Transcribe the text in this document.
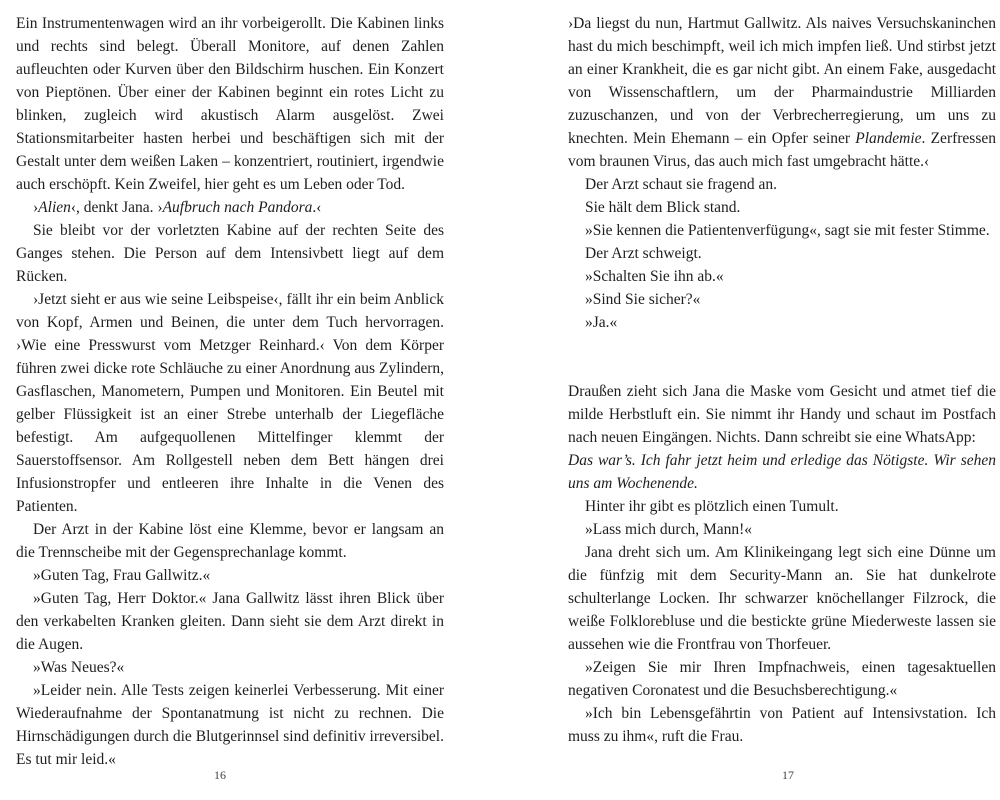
Ein Instrumentenwagen wird an ihr vorbeigerollt. Die Kabinen links und rechts sind belegt. Überall Monitore, auf denen Zahlen aufleuchten oder Kurven über den Bildschirm huschen. Ein Konzert von Pieptönen. Über einer der Kabinen beginnt ein rotes Licht zu blinken, zugleich wird akustisch Alarm ausgelöst. Zwei Stationsmitarbeiter hasten herbei und beschäftigen sich mit der Gestalt unter dem weißen Laken – konzentriert, routiniert, irgendwie auch erschöpft. Kein Zweifel, hier geht es um Leben oder Tod.

›Alien‹, denkt Jana. ›Aufbruch nach Pandora.‹

Sie bleibt vor der vorletzten Kabine auf der rechten Seite des Ganges stehen. Die Person auf dem Intensivbett liegt auf dem Rücken.

›Jetzt sieht er aus wie seine Leibspeise‹, fällt ihr ein beim Anblick von Kopf, Armen und Beinen, die unter dem Tuch hervorragen. ›Wie eine Presswurst vom Metzger Reinhard.‹ Von dem Körper führen zwei dicke rote Schläuche zu einer Anordnung aus Zylindern, Gasflaschen, Manometern, Pumpen und Monitoren. Ein Beutel mit gelber Flüssigkeit ist an einer Strebe unterhalb der Liegefläche befestigt. Am aufgequollenen Mittelfinger klemmt der Sauerstoffsensor. Am Rollgestell neben dem Bett hängen drei Infusionstropfer und entleeren ihre Inhalte in die Venen des Patienten.

Der Arzt in der Kabine löst eine Klemme, bevor er langsam an die Trennscheibe mit der Gegensprechanlage kommt.

»Guten Tag, Frau Gallwitz.«

»Guten Tag, Herr Doktor.« Jana Gallwitz lässt ihren Blick über den verkabelten Kranken gleiten. Dann sieht sie dem Arzt direkt in die Augen.

»Was Neues?«

»Leider nein. Alle Tests zeigen keinerlei Verbesserung. Mit einer Wiederaufnahme der Spontanatmung ist nicht zu rechnen. Die Hirnschädigungen durch die Blutgerinnsel sind definitiv irreversibel. Es tut mir leid.«

16

›Da liegst du nun, Hartmut Gallwitz. Als naives Versuchskaninchen hast du mich beschimpft, weil ich mich impfen ließ. Und stirbst jetzt an einer Krankheit, die es gar nicht gibt. An einem Fake, ausgedacht von Wissenschaftlern, um der Pharmaindustrie Milliarden zuzuschanzen, und von der Verbrecherregierung, um uns zu knechten. Mein Ehemann – ein Opfer seiner Plandemie. Zerfressen vom braunen Virus, das auch mich fast umgebracht hätte.‹

Der Arzt schaut sie fragend an.

Sie hält dem Blick stand.

»Sie kennen die Patientenverfügung«, sagt sie mit fester Stimme.

Der Arzt schweigt.

»Schalten Sie ihn ab.«

»Sind Sie sicher?«

»Ja.«

Draußen zieht sich Jana die Maske vom Gesicht und atmet tief die milde Herbstluft ein. Sie nimmt ihr Handy und schaut im Postfach nach neuen Eingängen. Nichts. Dann schreibt sie eine WhatsApp:

Das war’s. Ich fahr jetzt heim und erledige das Nötigste. Wir sehen uns am Wochenende.

Hinter ihr gibt es plötzlich einen Tumult.

»Lass mich durch, Mann!«

Jana dreht sich um. Am Klinikeingang legt sich eine Dünne um die fünfzig mit dem Security-Mann an. Sie hat dunkelrote schulterlange Locken. Ihr schwarzer knöchellanger Filzrock, die weiße Folklorebluse und die bestickte grüne Miederweste lassen sie aussehen wie die Frontfrau von Thorfeuer.

»Zeigen Sie mir Ihren Impfnachweis, einen tagesaktuellen negativen Coronatest und die Besuchsberechtigung.«

»Ich bin Lebensgefährtin von Patient auf Intensivstation. Ich muss zu ihm«, ruft die Frau.

17
